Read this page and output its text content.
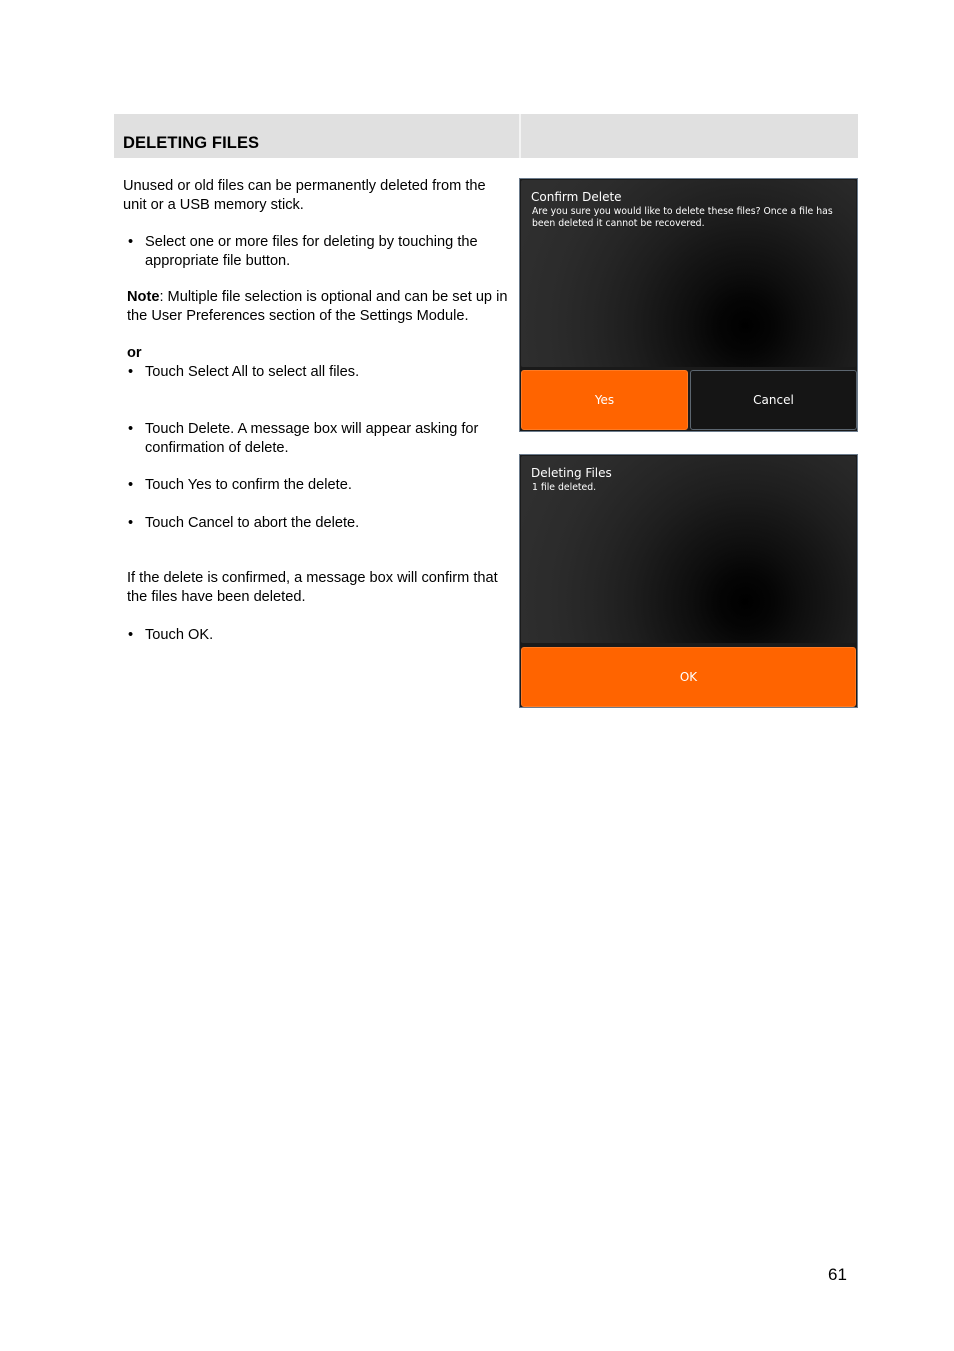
DELETING FILES

Unused or old files can be permanently deleted from the unit or a USB memory stick.

• Select one or more files for deleting by touching the appropriate file button.

Note: Multiple file selection is optional and can be set up in the User Preferences section of the Settings Module.

or

• Touch Select All to select all files.
• Touch Delete. A message box will appear asking for confirmation of delete.
• Touch Yes to confirm the delete.
• Touch Cancel to abort the delete.

If the delete is confirmed, a message box will confirm that the files have been deleted.

• Touch OK.
Confirm Delete
Are you sure you would like to delete these files? Once a file has been deleted it cannot be recovered.
Yes	Cancel
Deleting Files
1 file deleted.
OK
61
